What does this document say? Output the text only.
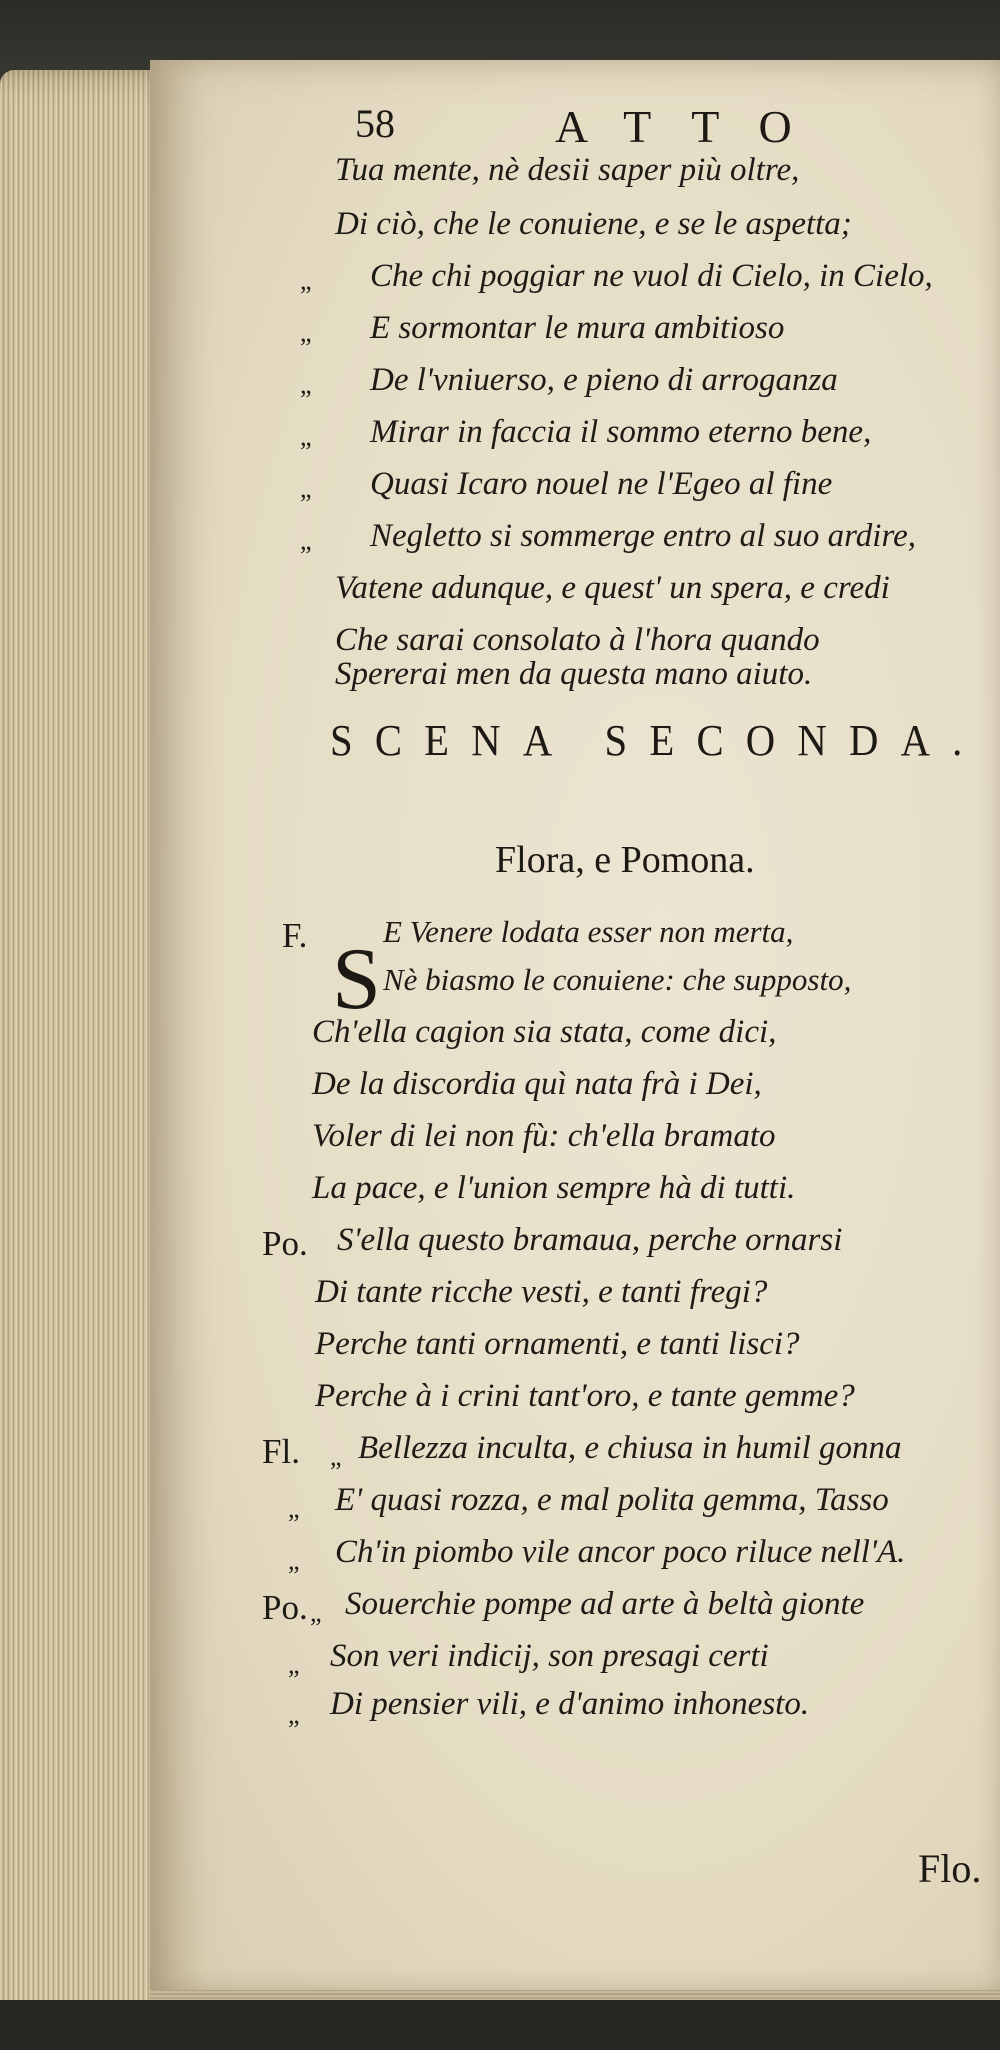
58	ATTO
Tua mente, nè desii saper più oltre,
Di ciò, che le conuiene, e se le aspetta;
„ Che chi poggiar ne vuol di Cielo, in Cielo,
„ E sormontar le mura ambitioso
„ De l'vniuerso, e pieno di arroganza
„ Mirar in faccia il sommo eterno bene,
„ Quasi Icaro nouel ne l'Egeo al fine
„ Negletto si sommerge entro al suo ardire,
Vatene adunque, e quest' un spera, e credi
Che sarai consolato à l'hora quando
Spererai men da questa mano aiuto.
SCENA SECONDA.
Flora, e Pomona.
F. S E Venere lodata esser non merta,
Nè biasmo le conuiene: che supposto,
Ch'ella cagion sia stata, come dici,
De la discordia quì nata frà i Dei,
Voler di lei non fù: ch'ella bramato
La pace, e l'union sempre hà di tutti.
Po. S'ella questo bramaua, perche ornarsi
Di tante ricche vesti, e tanti fregi?
Perche tanti ornamenti, e tanti lisci?
Perche à i crini tant'oro, e tante gemme?
Fl. „ Bellezza inculta, e chiusa in humil gonna
„ E' quasi rozza, e mal polita gemma, Tasso
„ Ch'in piombo vile ancor poco riluce nell'A.
Po. „ Souerchie pompe ad arte à beltà gionte
„ Son veri indicij, son presagi certi
„ Di pensier vili, e d'animo inhonesto.
Flo.
